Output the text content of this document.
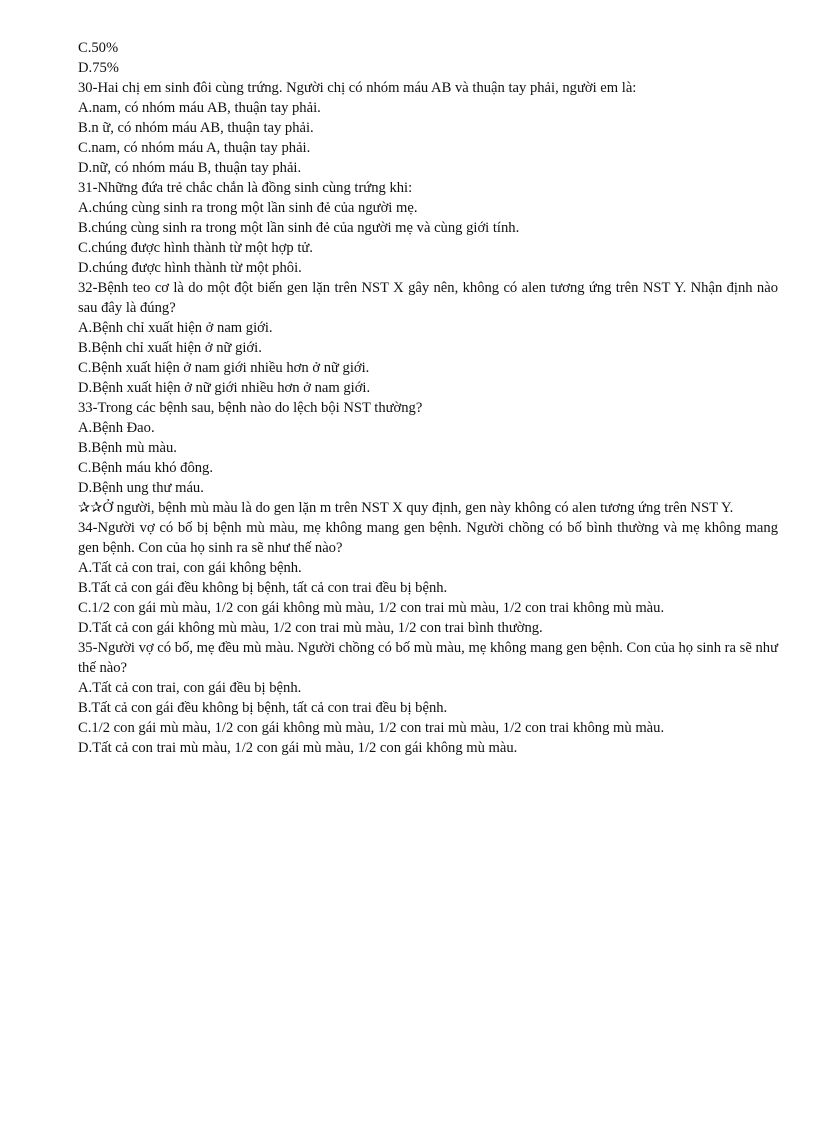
C.50%

D.75%

30-Hai chị em sinh đôi cùng trứng. Người chị có nhóm máu AB và thuận tay phải, người em là:

A.nam, có nhóm máu AB, thuận tay phải.

B.n ữ, có nhóm máu AB, thuận tay phải.

C.nam, có nhóm máu A, thuận tay phải.

D.nữ, có nhóm máu B, thuận tay phải.

31-Những đứa trẻ chắc chắn là đồng sinh cùng trứng khi:

A.chúng cùng sinh ra trong một lần sinh đẻ của người mẹ.

B.chúng cùng sinh ra trong một lần sinh đẻ của người mẹ và cùng giới tính.

C.chúng được hình thành từ một hợp tử.

D.chúng được hình thành từ một phôi.

32-Bệnh teo cơ là do một đột biến gen lặn trên NST X gây nên, không có alen tương ứng trên NST Y. Nhận định nào sau đây là đúng?

A.Bệnh chỉ xuất hiện ở nam giới.

B.Bệnh chỉ xuất hiện ở nữ giới.

C.Bệnh xuất hiện ở nam giới nhiều hơn ở nữ giới.

D.Bệnh xuất hiện ở nữ giới nhiều hơn ở nam giới.

33-Trong các bệnh sau, bệnh nào do lệch bội NST thường?

A.Bệnh Đao.

B.Bệnh mù màu.

C.Bệnh máu khó đông.

D.Bệnh ung thư máu.

✰✰Ở người, bệnh mù màu là do gen lặn m trên NST X quy định, gen này không có alen tương ứng trên NST Y.

34-Người vợ có bố bị bệnh mù màu, mẹ không mang gen bệnh. Người chồng có bố bình thường và mẹ không mang gen bệnh. Con của họ sinh ra sẽ như thế nào?

A.Tất cả con trai, con gái không bệnh.

B.Tất cả con gái đều không bị bệnh, tất cả con trai đều bị bệnh.

C.1/2 con gái mù màu, 1/2 con gái không mù màu, 1/2 con trai mù màu, 1/2 con trai không mù màu.

D.Tất cả con gái không mù màu, 1/2 con trai mù màu, 1/2 con trai bình thường.

35-Người vợ có bố, mẹ đều mù màu. Người chồng có bố mù màu, mẹ không mang gen bệnh. Con của họ sinh ra sẽ như thế nào?

A.Tất cả con trai, con gái đều bị bệnh.

B.Tất cả con gái đều không bị bệnh, tất cả con trai đều bị bệnh.

C.1/2 con gái mù màu, 1/2 con gái không mù màu, 1/2 con trai mù màu, 1/2 con trai không mù màu.

D.Tất cả con trai mù màu, 1/2 con gái mù màu, 1/2 con gái không mù màu.
